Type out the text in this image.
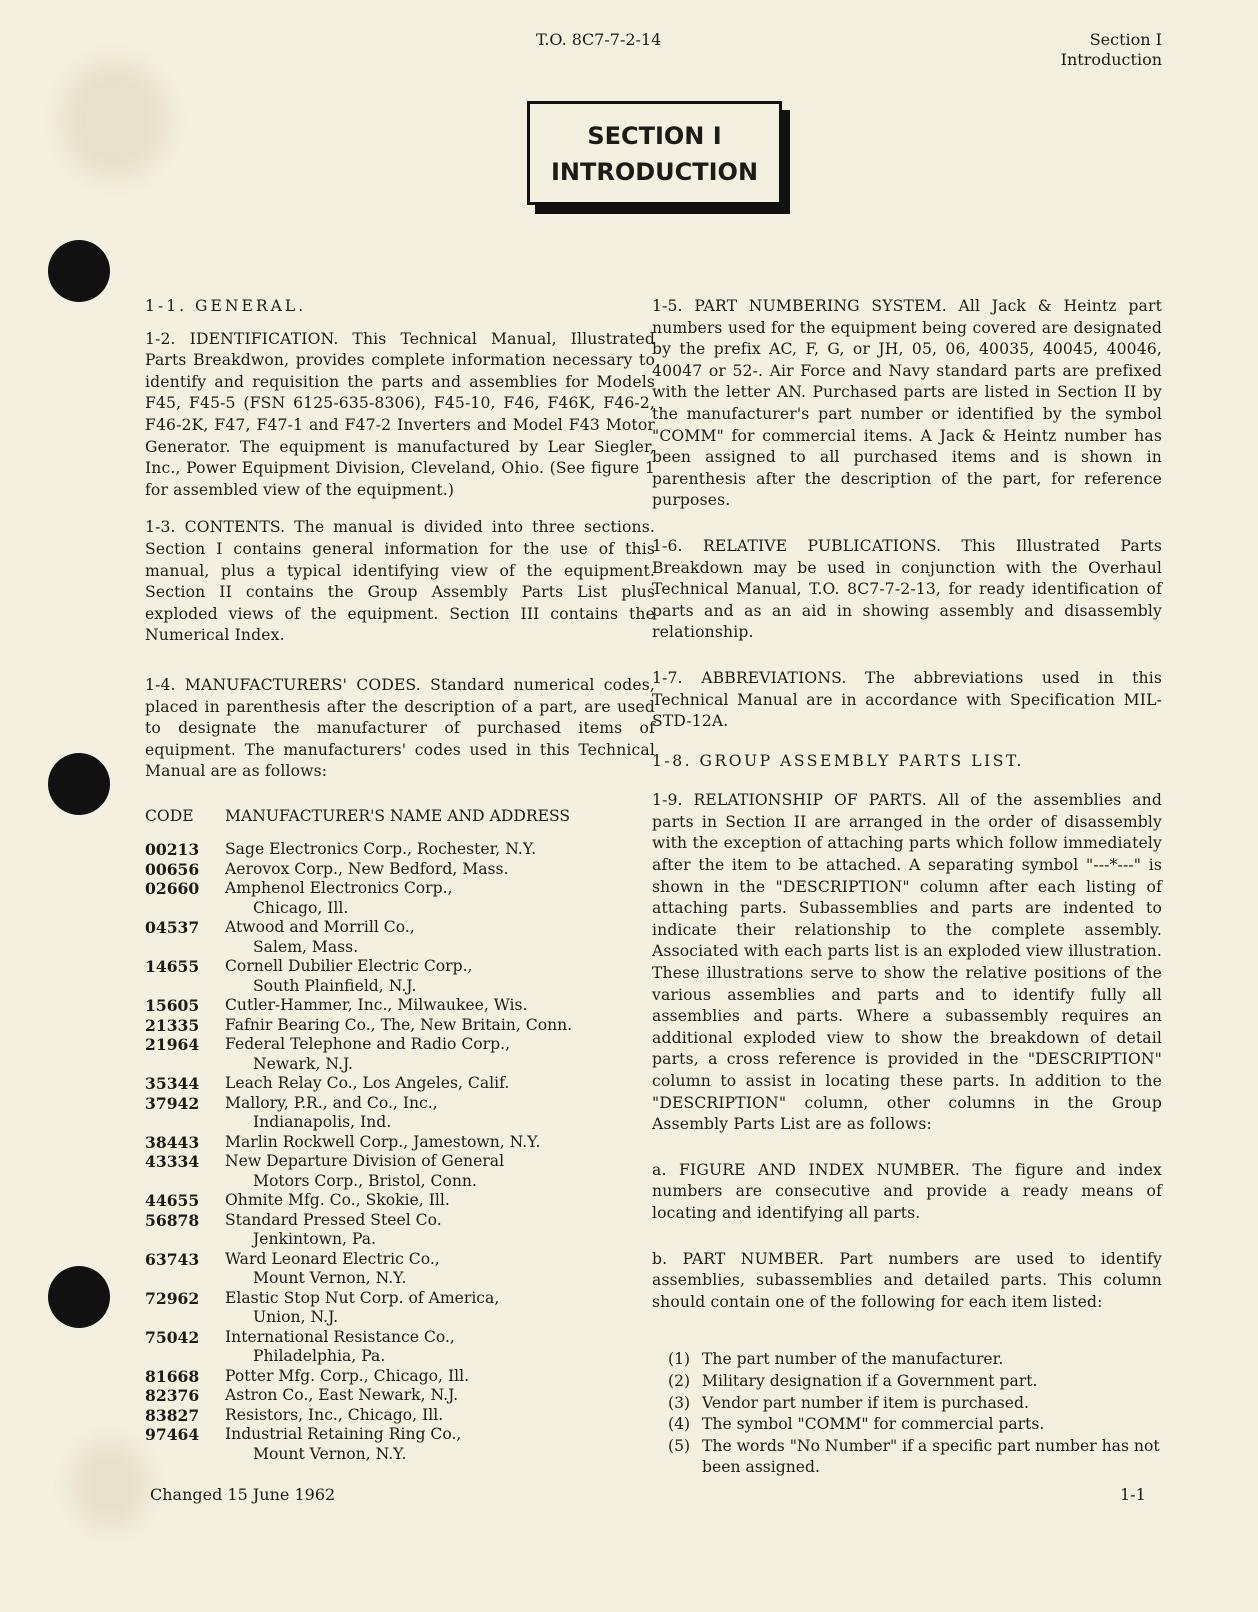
T.O. 8C7-7-2-14	Section I
Introduction
SECTION I
INTRODUCTION

1-1. GENERAL.

1-2. IDENTIFICATION. This Technical Manual, Illustrated Parts Breakdwon, provides complete information necessary to identify and requisition the parts and assemblies for Models F45, F45-5 (FSN 6125-635-8306), F45-10, F46, F46K, F46-2, F46-2K, F47, F47-1 and F47-2 Inverters and Model F43 Motor Generator. The equipment is manufactured by Lear Siegler, Inc., Power Equipment Division, Cleveland, Ohio. (See figure 1 for assembled view of the equipment.)

1-3. CONTENTS. The manual is divided into three sections. Section I contains general information for the use of this manual, plus a typical identifying view of the equipment. Section II contains the Group Assembly Parts List plus exploded views of the equipment. Section III contains the Numerical Index.

1-4. MANUFACTURERS' CODES. Standard numerical codes, placed in parenthesis after the description of a part, are used to designate the manufacturer of purchased items of equipment. The manufacturers' codes used in this Technical Manual are as follows:

CODE	MANUFACTURER'S NAME AND ADDRESS
00213	Sage Electronics Corp., Rochester, N.Y.
00656	Aerovox Corp., New Bedford, Mass.
02660	Amphenol Electronics Corp.,
Chicago, Ill.
04537	Atwood and Morrill Co.,
Salem, Mass.
14655	Cornell Dubilier Electric Corp.,
South Plainfield, N.J.
15605	Cutler-Hammer, Inc., Milwaukee, Wis.
21335	Fafnir Bearing Co., The, New Britain, Conn.
21964	Federal Telephone and Radio Corp.,
Newark, N.J.
35344	Leach Relay Co., Los Angeles, Calif.
37942	Mallory, P.R., and Co., Inc.,
Indianapolis, Ind.
38443	Marlin Rockwell Corp., Jamestown, N.Y.
43334	New Departure Division of General
Motors Corp., Bristol, Conn.
44655	Ohmite Mfg. Co., Skokie, Ill.
56878	Standard Pressed Steel Co.
Jenkintown, Pa.
63743	Ward Leonard Electric Co.,
Mount Vernon, N.Y.
72962	Elastic Stop Nut Corp. of America,
Union, N.J.
75042	International Resistance Co.,
Philadelphia, Pa.
81668	Potter Mfg. Corp., Chicago, Ill.
82376	Astron Co., East Newark, N.J.
83827	Resistors, Inc., Chicago, Ill.
97464	Industrial Retaining Ring Co.,
Mount Vernon, N.Y.

1-5. PART NUMBERING SYSTEM. All Jack & Heintz part numbers used for the equipment being covered are designated by the prefix AC, F, G, or JH, 05, 06, 40035, 40045, 40046, 40047 or 52-. Air Force and Navy standard parts are prefixed with the letter AN. Purchased parts are listed in Section II by the manufacturer's part number or identified by the symbol "COMM" for commercial items. A Jack & Heintz number has been assigned to all purchased items and is shown in parenthesis after the description of the part, for reference purposes.

1-6. RELATIVE PUBLICATIONS. This Illustrated Parts Breakdown may be used in conjunction with the Overhaul Technical Manual, T.O. 8C7-7-2-13, for ready identification of parts and as an aid in showing assembly and disassembly relationship.

1-7. ABBREVIATIONS. The abbreviations used in this Technical Manual are in accordance with Specification MIL-STD-12A.

1-8. GROUP ASSEMBLY PARTS LIST.

1-9. RELATIONSHIP OF PARTS. All of the assemblies and parts in Section II are arranged in the order of disassembly with the exception of attaching parts which follow immediately after the item to be attached. A separating symbol "---*---" is shown in the "DESCRIPTION" column after each listing of attaching parts. Subassemblies and parts are indented to indicate their relationship to the complete assembly. Associated with each parts list is an exploded view illustration. These illustrations serve to show the relative positions of the various assemblies and parts and to identify fully all assemblies and parts. Where a subassembly requires an additional exploded view to show the breakdown of detail parts, a cross reference is provided in the "DESCRIPTION" column to assist in locating these parts. In addition to the "DESCRIPTION" column, other columns in the Group Assembly Parts List are as follows:

a. FIGURE AND INDEX NUMBER. The figure and index numbers are consecutive and provide a ready means of locating and identifying all parts.

b. PART NUMBER. Part numbers are used to identify assemblies, subassemblies and detailed parts. This column should contain one of the following for each item listed:

(1) The part number of the manufacturer.
(2) Military designation if a Government part.
(3) Vendor part number if item is purchased.
(4) The symbol "COMM" for commercial parts.
(5) The words "No Number" if a specific part number has not been assigned.
Changed 15 June 1962	1-1
